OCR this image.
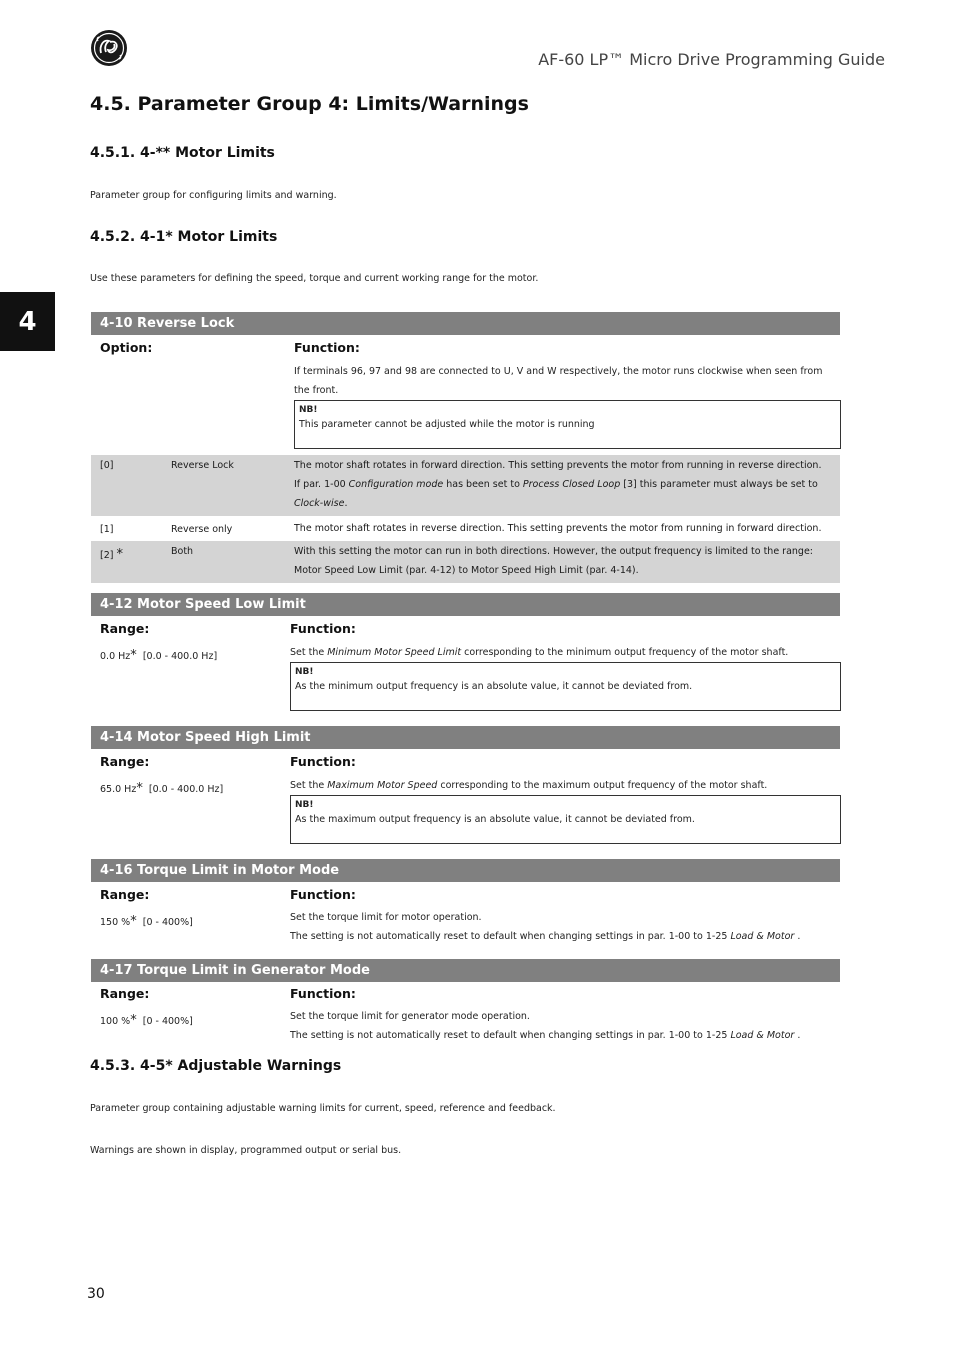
AF-60 LP™ Micro Drive Programming Guide
4
4.5. Parameter Group 4: Limits/Warnings
4.5.1. 4-** Motor Limits
Parameter group for configuring limits and warning.
4.5.2. 4-1* Motor Limits
Use these parameters for defining the speed, torque and current working range for the motor.
4-10 Reverse Lock
Option:	Function:
If terminals 96, 97 and 98 are connected to U, V and W respectively, the motor runs clockwise when seen from the front.
NB!
This parameter cannot be adjusted while the motor is running
[0]	Reverse Lock	The motor shaft rotates in forward direction. This setting prevents the motor from running in reverse direction.
If par. 1-00 Configuration mode has been set to Process Closed Loop [3] this parameter must always be set to Clock-wise.
[1]	Reverse only	The motor shaft rotates in reverse direction. This setting prevents the motor from running in forward direction.
[2] *	Both	With this setting the motor can run in both directions. However, the output frequency is limited to the range: Motor Speed Low Limit (par. 4-12) to Motor Speed High Limit (par. 4-14).
4-12 Motor Speed Low Limit
Range:	Function:
0.0 Hz* [0.0 - 400.0 Hz]	Set the Minimum Motor Speed Limit corresponding to the minimum output frequency of the motor shaft.
NB!
As the minimum output frequency is an absolute value, it cannot be deviated from.
4-14 Motor Speed High Limit
Range:	Function:
65.0 Hz* [0.0 - 400.0 Hz]	Set the Maximum Motor Speed corresponding to the maximum output frequency of the motor shaft.
NB!
As the maximum output frequency is an absolute value, it cannot be deviated from.
4-16 Torque Limit in Motor Mode
Range:	Function:
150 %* [0 - 400%]	Set the torque limit for motor operation.
The setting is not automatically reset to default when changing settings in par. 1-00 to 1-25 Load & Motor .
4-17 Torque Limit in Generator Mode
Range:	Function:
100 %* [0 - 400%]	Set the torque limit for generator mode operation.
The setting is not automatically reset to default when changing settings in par. 1-00 to 1-25 Load & Motor .
4.5.3. 4-5* Adjustable Warnings
Parameter group containing adjustable warning limits for current, speed, reference and feedback.
Warnings are shown in display, programmed output or serial bus.
30
